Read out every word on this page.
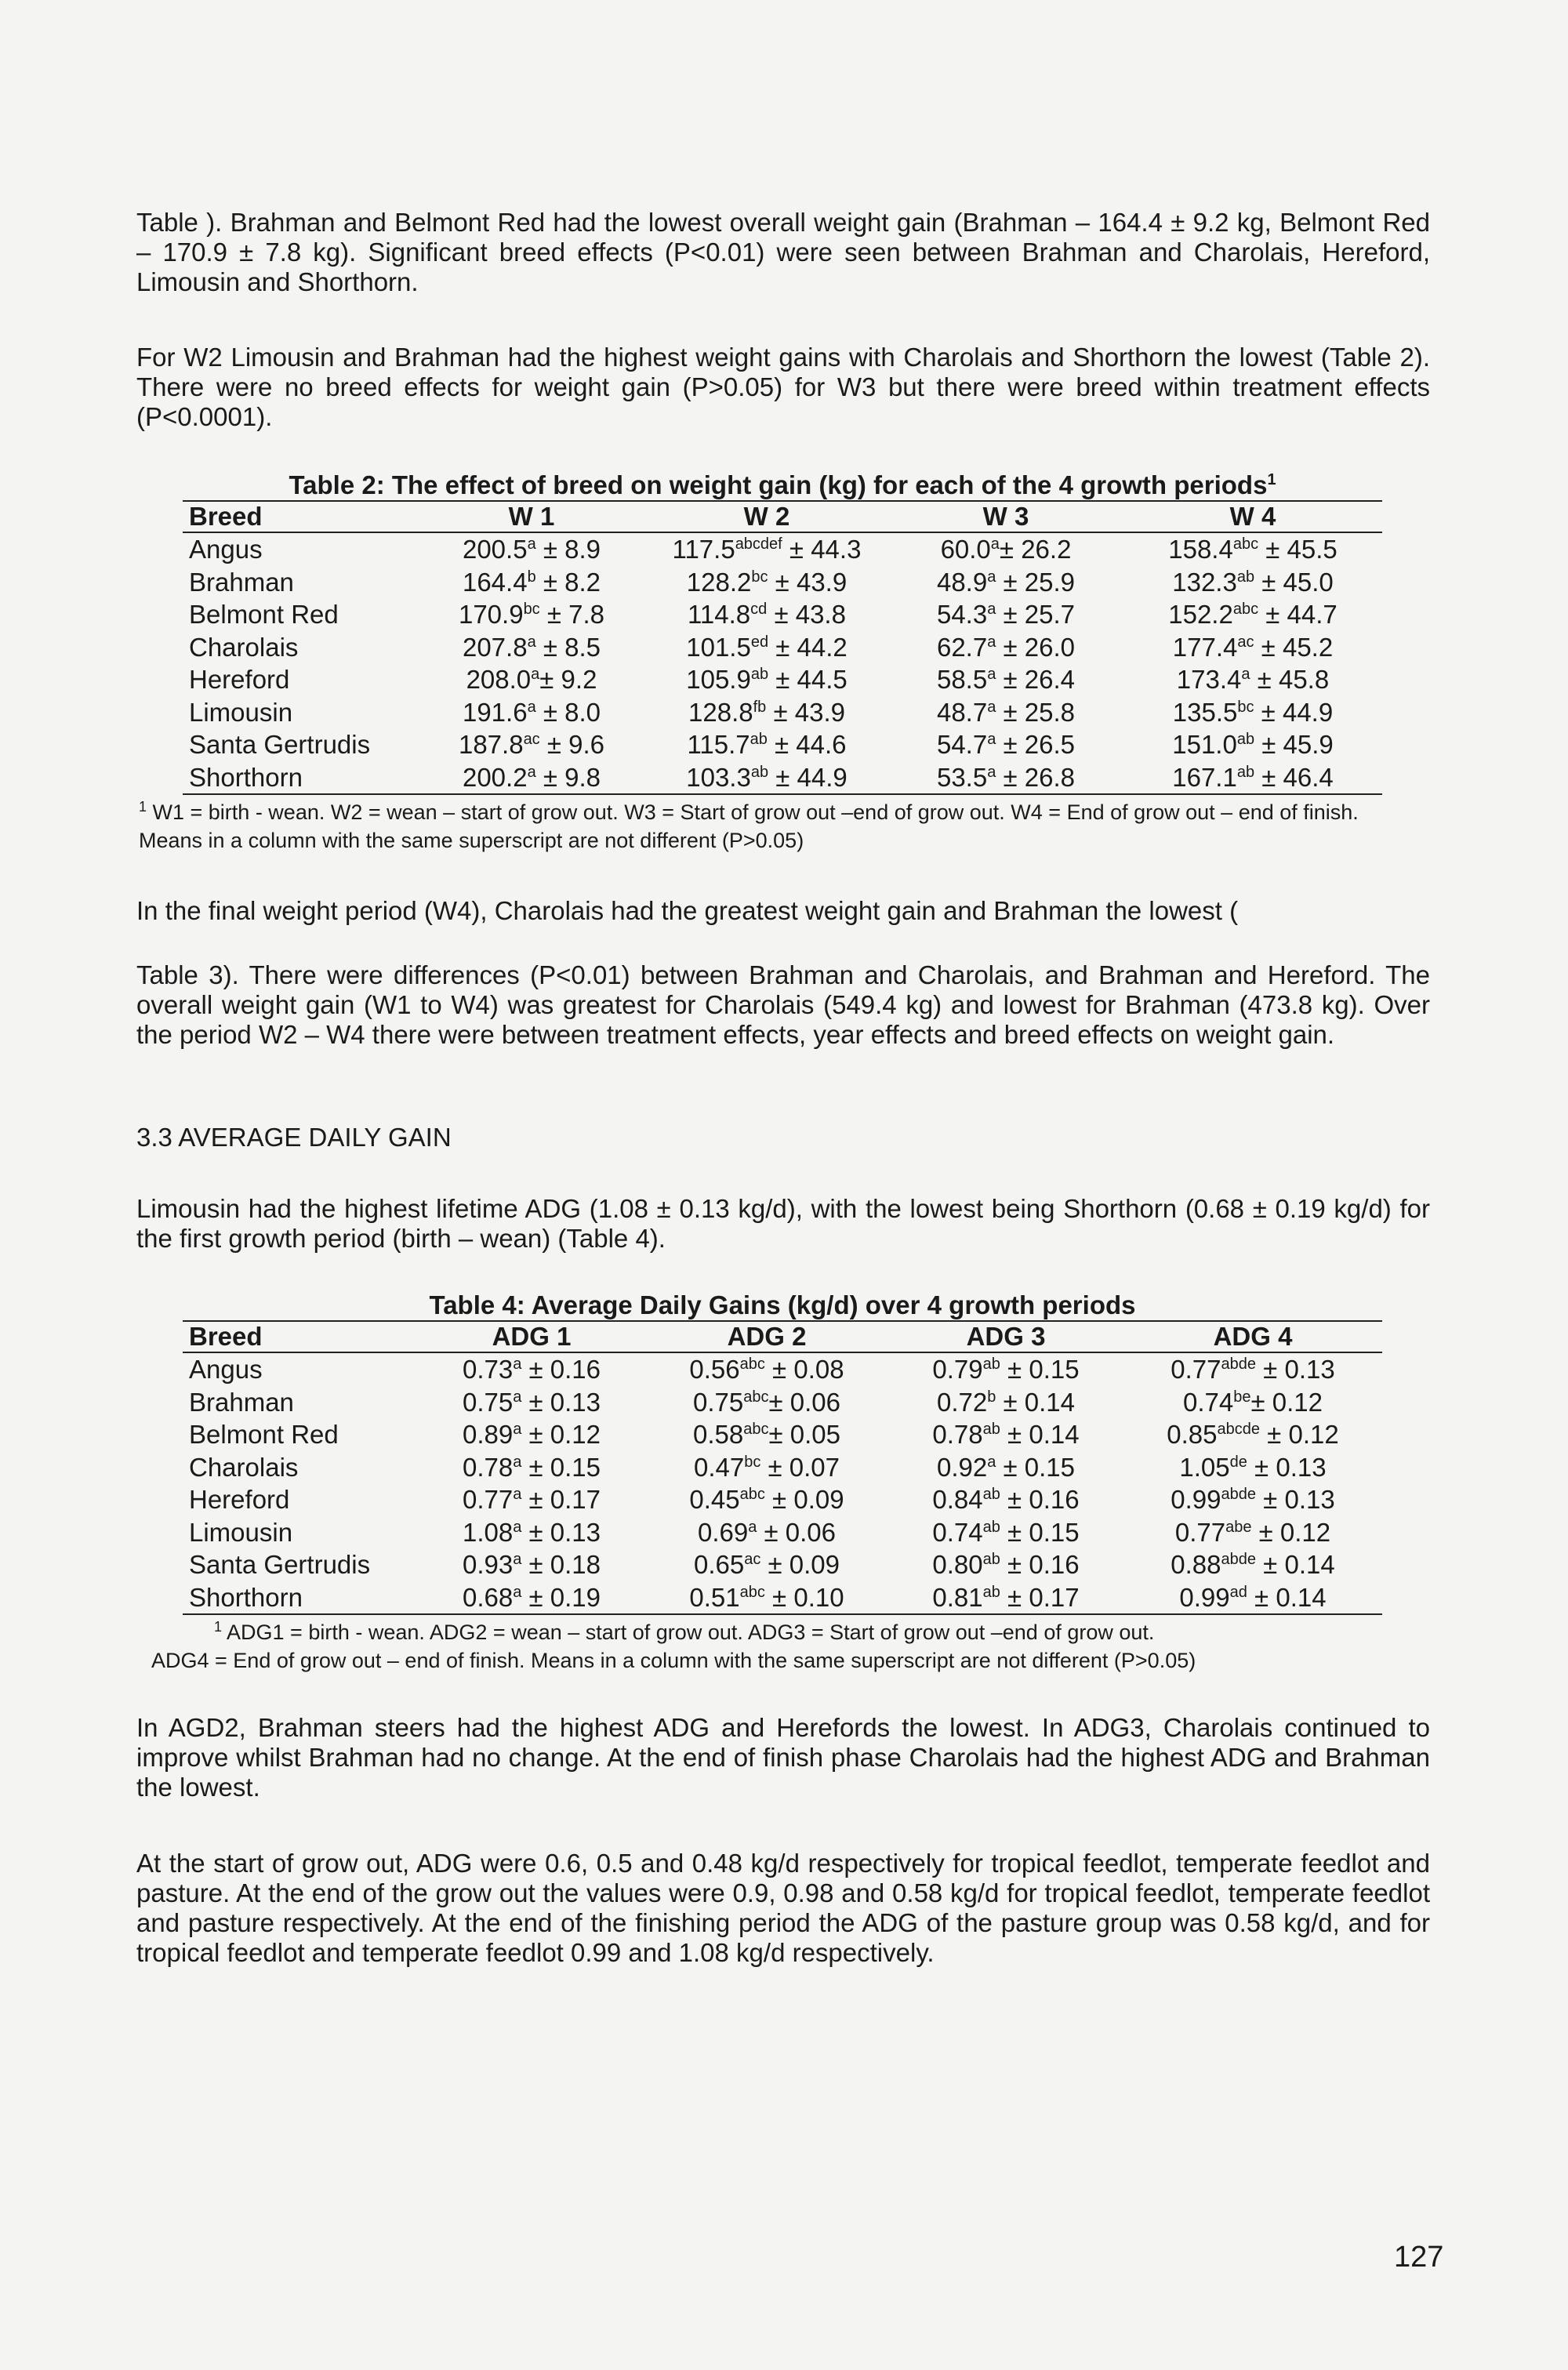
Table ). Brahman and Belmont Red had the lowest overall weight gain (Brahman – 164.4 ± 9.2 kg, Belmont Red – 170.9 ± 7.8 kg). Significant breed effects (P<0.01) were seen between Brahman and Charolais, Hereford, Limousin and Shorthorn.

For W2 Limousin and Brahman had the highest weight gains with Charolais and Shorthorn the lowest (Table 2). There were no breed effects for weight gain (P>0.05) for W3 but there were breed within treatment effects (P<0.0001).

Table 2: The effect of breed on weight gain (kg) for each of the 4 growth periods$^1$
Breed	W 1	W 2	W 3	W 4
Angus	200.5$^a$ ± 8.9	$117.5^{abcdef} \pm 44.3$	60.0$^a$± 26.2	158.4$^{abc}$ ± 45.5
Brahman	164.4$^b$ ± 8.2	128.2$^{bc}$ ± 43.9	48.9$^a$ ± 25.9	132.3$^{ab}$ ± 45.0
Belmont Red	170.9$^{bc}$ ± 7.8	114.8$^{cd}$ ± 43.8	54.3$^a$ ± 25.7	152.2$^{abc}$ ± 44.7
Charolais	207.8$^a$ ± 8.5	101.5$^{ed}$ ± 44.2	62.7$^a$ ± 26.0	177.4$^{ac}$ ± 45.2
Hereford	208.0$^a$± 9.2	105.9$^{ab}$ ± 44.5	58.5$^a$ ± 26.4	173.4$^a$ ± 45.8
Limousin	191.6$^a$ ± 8.0	128.8$^{fb}$ ± 43.9	48.7$^a$ ± 25.8	135.5$^{bc}$ ± 44.9
Santa Gertrudis	187.8$^{ac}$ ± 9.6	115.7$^{ab}$ ± 44.6	54.7$^a$ ± 26.5	151.0$^{ab}$ ± 45.9
Shorthorn	200.2$^a$ ± 9.8	103.3$^{ab}$ ± 44.9	53.5$^a$ ± 26.8	167.1$^{ab}$ ± 46.4

$^1$ W1 = birth - wean. W2 = wean – start of grow out. W3 = Start of grow out –end of grow out. W4 = End of grow out – end of finish. Means in a column with the same superscript are not different (P>0.05)

In the final weight period (W4), Charolais had the greatest weight gain and Brahman the lowest (

Table 3). There were differences (P<0.01) between Brahman and Charolais, and Brahman and Hereford. The overall weight gain (W1 to W4) was greatest for Charolais (549.4 kg) and lowest for Brahman (473.8 kg). Over the period W2 – W4 there were between treatment effects, year effects and breed effects on weight gain.

3.3 AVERAGE DAILY GAIN

Limousin had the highest lifetime ADG (1.08 ± 0.13 kg/d), with the lowest being Shorthorn (0.68 ± 0.19 kg/d) for the first growth period (birth – wean) (Table 4).

Table 4: Average Daily Gains (kg/d) over 4 growth periods
Breed	ADG 1	ADG 2	ADG 3	ADG 4
Angus	0.73$^a$ ± 0.16	0.56$^{abc}$ ± 0.08	0.79$^{ab}$ ± 0.15	$0.77^{abde} \pm 0.13$
Brahman	0.75$^a$ ± 0.13	0.75$^{abc}$± 0.06	0.72$^b$ ± 0.14	0.74$^{be}$± 0.12
Belmont Red	0.89$^a$ ± 0.12	0.58$^{abc}$± 0.05	0.78$^{ab}$ ± 0.14	$0.85^{abcde} \pm 0.12$
Charolais	0.78$^a$ ± 0.15	0.47$^{bc}$ ± 0.07	0.92$^a$ ± 0.15	1.05de ± 0.13
Hereford	0.77$^a$ ± 0.17	0.45$^{abc}$ ± 0.09	0.84$^{ab}$ ± 0.16	$0.99^{abde} \pm 0.13$
Limousin	1.08$^a$ ± 0.13	0.69$^a$ ± 0.06	0.74$^{ab}$ ± 0.15	0.77$^{abe}$ ± 0.12
Santa Gertrudis	0.93$^a$ ± 0.18	0.65$^{ac}$ ± 0.09	0.80$^{ab}$ ± 0.16	$0.88^{abde} \pm 0.14$
Shorthorn	0.68$^a$ ± 0.19	0.51$^{abc}$ ± 0.10	0.81$^{ab}$ ± 0.17	0.99$^{ad}$ ± 0.14

$^1$ ADG1 = birth - wean. ADG2 = wean – start of grow out. ADG3 = Start of grow out –end of grow out.

ADG4 = End of grow out – end of finish. Means in a column with the same superscript are not different (P>0.05)

In AGD2, Brahman steers had the highest ADG and Herefords the lowest. In ADG3, Charolais continued to improve whilst Brahman had no change. At the end of finish phase Charolais had the highest ADG and Brahman the lowest.

At the start of grow out, ADG were 0.6, 0.5 and 0.48 kg/d respectively for tropical feedlot, temperate feedlot and pasture. At the end of the grow out the values were 0.9, 0.98 and 0.58 kg/d for tropical feedlot, temperate feedlot and pasture respectively. At the end of the finishing period the ADG of the pasture group was 0.58 kg/d, and for tropical feedlot and temperate feedlot 0.99 and 1.08 kg/d respectively.

127
